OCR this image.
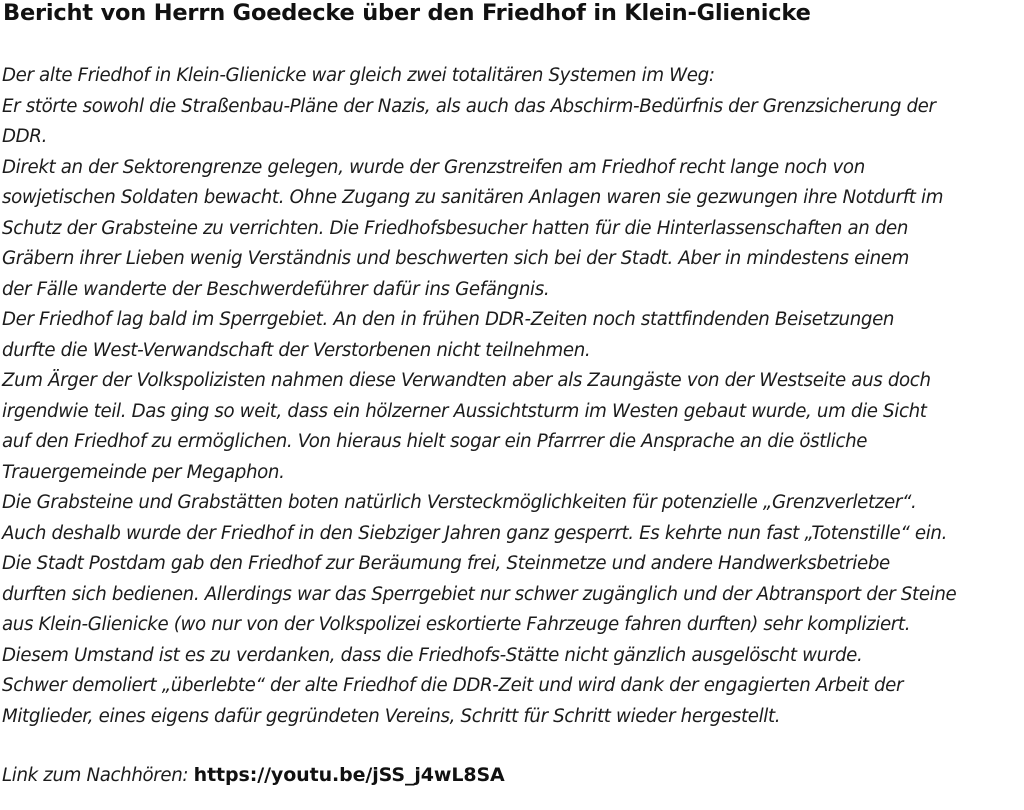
Bericht von Herrn Goedecke über den Friedhof in Klein-Glienicke
Der alte Friedhof in Klein-Glienicke war gleich zwei totalitären Systemen im Weg:
Er störte sowohl die Straßenbau-Pläne der Nazis, als auch das Abschirm-Bedürfnis der Grenzsicherung der
DDR.
Direkt an der Sektorengrenze gelegen, wurde der Grenzstreifen am Friedhof recht lange noch von
sowjetischen Soldaten bewacht. Ohne Zugang zu sanitären Anlagen waren sie gezwungen ihre Notdurft im
Schutz der Grabsteine zu verrichten. Die Friedhofsbesucher hatten für die Hinterlassenschaften an den
Gräbern ihrer Lieben wenig Verständnis und beschwerten sich bei der Stadt. Aber in mindestens einem
der Fälle wanderte der Beschwerdeführer dafür ins Gefängnis.
Der Friedhof lag bald im Sperrgebiet. An den in frühen DDR-Zeiten noch stattfindenden Beisetzungen
durfte die West-Verwandschaft der Verstorbenen nicht teilnehmen.
Zum Ärger der Volkspolizisten nahmen diese Verwandten aber als Zaungäste von der Westseite aus doch
irgendwie teil. Das ging so weit, dass ein hölzerner Aussichtsturm im Westen gebaut wurde, um die Sicht
auf den Friedhof zu ermöglichen. Von hieraus hielt sogar ein Pfarrrer die Ansprache an die östliche
Trauergemeinde per Megaphon.
Die Grabsteine und Grabstätten boten natürlich Versteckmöglichkeiten für potenzielle „Grenzverletzer“.
Auch deshalb wurde der Friedhof in den Siebziger Jahren ganz gesperrt. Es kehrte nun fast „Totenstille“ ein.
Die Stadt Postdam gab den Friedhof zur Beräumung frei, Steinmetze und andere Handwerksbetriebe
durften sich bedienen. Allerdings war das Sperrgebiet nur schwer zugänglich und der Abtransport der Steine
aus Klein-Glienicke (wo nur von der Volkspolizei eskortierte Fahrzeuge fahren durften) sehr kompliziert.
Diesem Umstand ist es zu verdanken, dass die Friedhofs-Stätte nicht gänzlich ausgelöscht wurde.
Schwer demoliert „überlebte“ der alte Friedhof die DDR-Zeit und wird dank der engagierten Arbeit der
Mitglieder, eines eigens dafür gegründeten Vereins, Schritt für Schritt wieder hergestellt.
Link zum Nachhören: https://youtu.be/jSS_j4wL8SA
